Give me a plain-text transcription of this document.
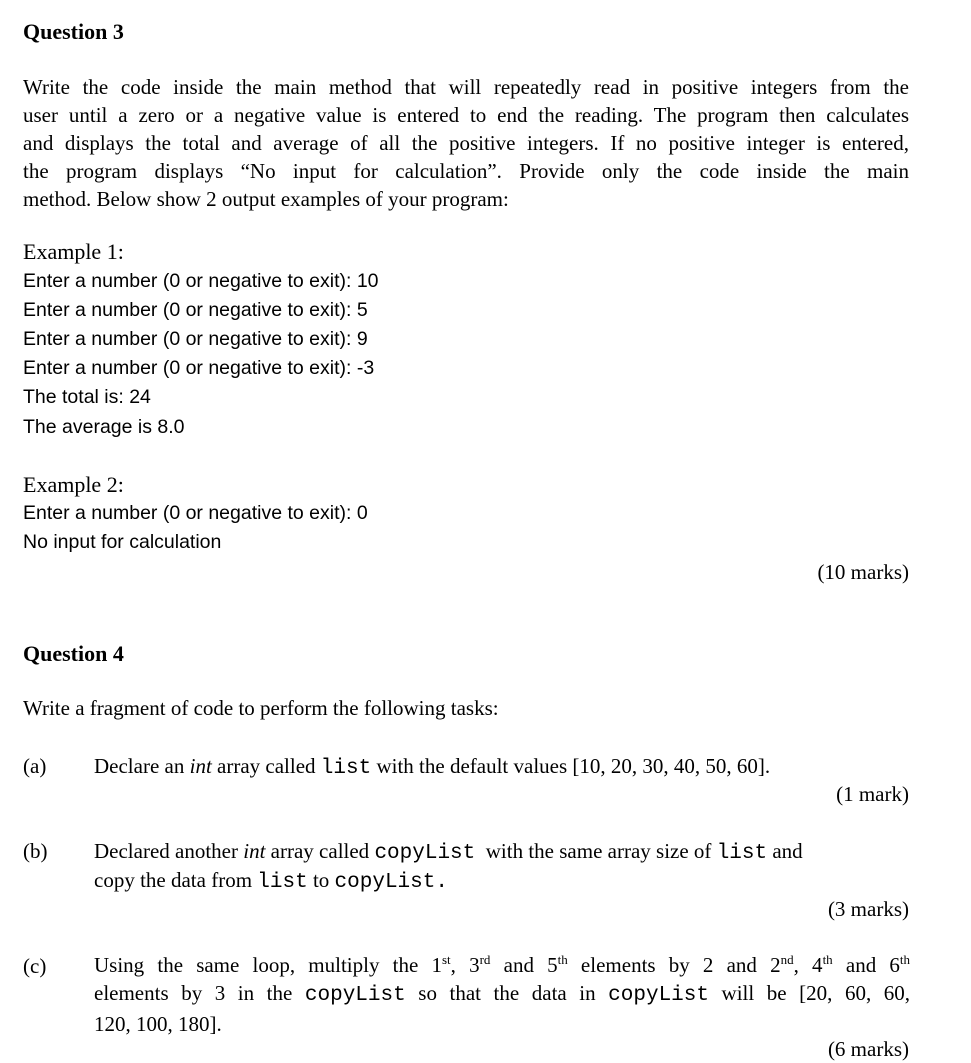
Question 3
Write the code inside the main method that will repeatedly read in positive integers from the
user until a zero or a negative value is entered to end the reading. The program then calculates
and displays the total and average of all the positive integers. If no positive integer is entered,
the program displays “No input for calculation”. Provide only the code inside the main
method. Below show 2 output examples of your program:
Example 1:
Enter a number (0 or negative to exit): 10
Enter a number (0 or negative to exit): 5
Enter a number (0 or negative to exit): 9
Enter a number (0 or negative to exit): -3
The total is: 24
The average is 8.0
Example 2:
Enter a number (0 or negative to exit): 0
No input for calculation
(10 marks)
Question 4
Write a fragment of code to perform the following tasks:
(a) Declare an int array called list with the default values [10, 20, 30, 40, 50, 60].
(1 mark)
(b) Declared another int array called copyList  with the same array size of list and
copy the data from list to copyList.
(3 marks)
(c) Using the same loop, multiply the 1st, 3rd and 5th elements by 2 and 2nd, 4th and 6th
elements by 3 in the copyList so that the data in copyList will be [20, 60, 60,
120, 100, 180].
(6 marks)
